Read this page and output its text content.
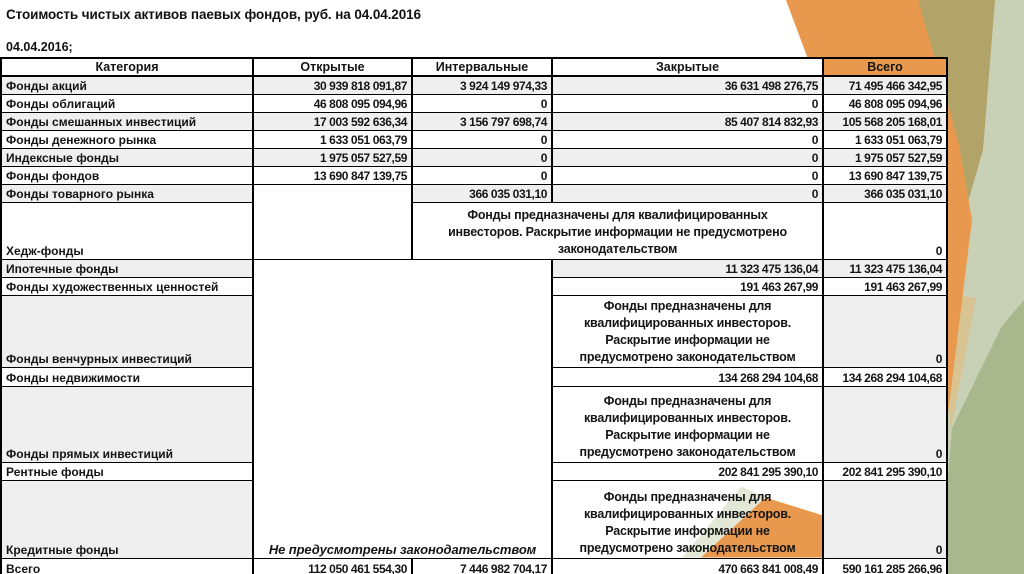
Стоимость чистых активов паевых фондов, руб. на 04.04.2016
04.04.2016;
Категория	Открытые	Интервальные	Закрытые	Всего
Фонды акций	30 939 818 091,87	3 924 149 974,33	36 631 498 276,75	71 495 466 342,95
Фонды облигаций	46 808 095 094,96	0	0	46 808 095 094,96
Фонды смешанных инвестиций	17 003 592 636,34	3 156 797 698,74	85 407 814 832,93	105 568 205 168,01
Фонды денежного рынка	1 633 051 063,79	0	0	1 633 051 063,79
Индексные фонды	1 975 057 527,59	0	0	1 975 057 527,59
Фонды фондов	13 690 847 139,75	0	0	13 690 847 139,75
Фонды товарного рынка		366 035 031,10	0	366 035 031,10
Хедж-фонды		Фонды предназначены для квалифицированных
инвесторов. Раскрытие информации не предусмотрено
законодательством		0
Ипотечные фонды	Не предусмотрены законодательством		11 323 475 136,04	11 323 475 136,04
Фонды художественных ценностей			191 463 267,99	191 463 267,99
Фонды венчурных инвестиций			Фонды предназначены для
квалифицированных инвесторов.
Раскрытие информации не
предусмотрено законодательством	0
Фонды недвижимости			134 268 294 104,68	134 268 294 104,68
Фонды прямых инвестиций			Фонды предназначены для
квалифицированных инвесторов.
Раскрытие информации не
предусмотрено законодательством	0
Рентные фонды			202 841 295 390,10	202 841 295 390,10
Кредитные фонды			Фонды предназначены для
квалифицированных инвесторов.
Раскрытие информации не
предусмотрено законодательством	0
Всего	112 050 461 554,30	7 446 982 704,17	470 663 841 008,49	590 161 285 266,96
